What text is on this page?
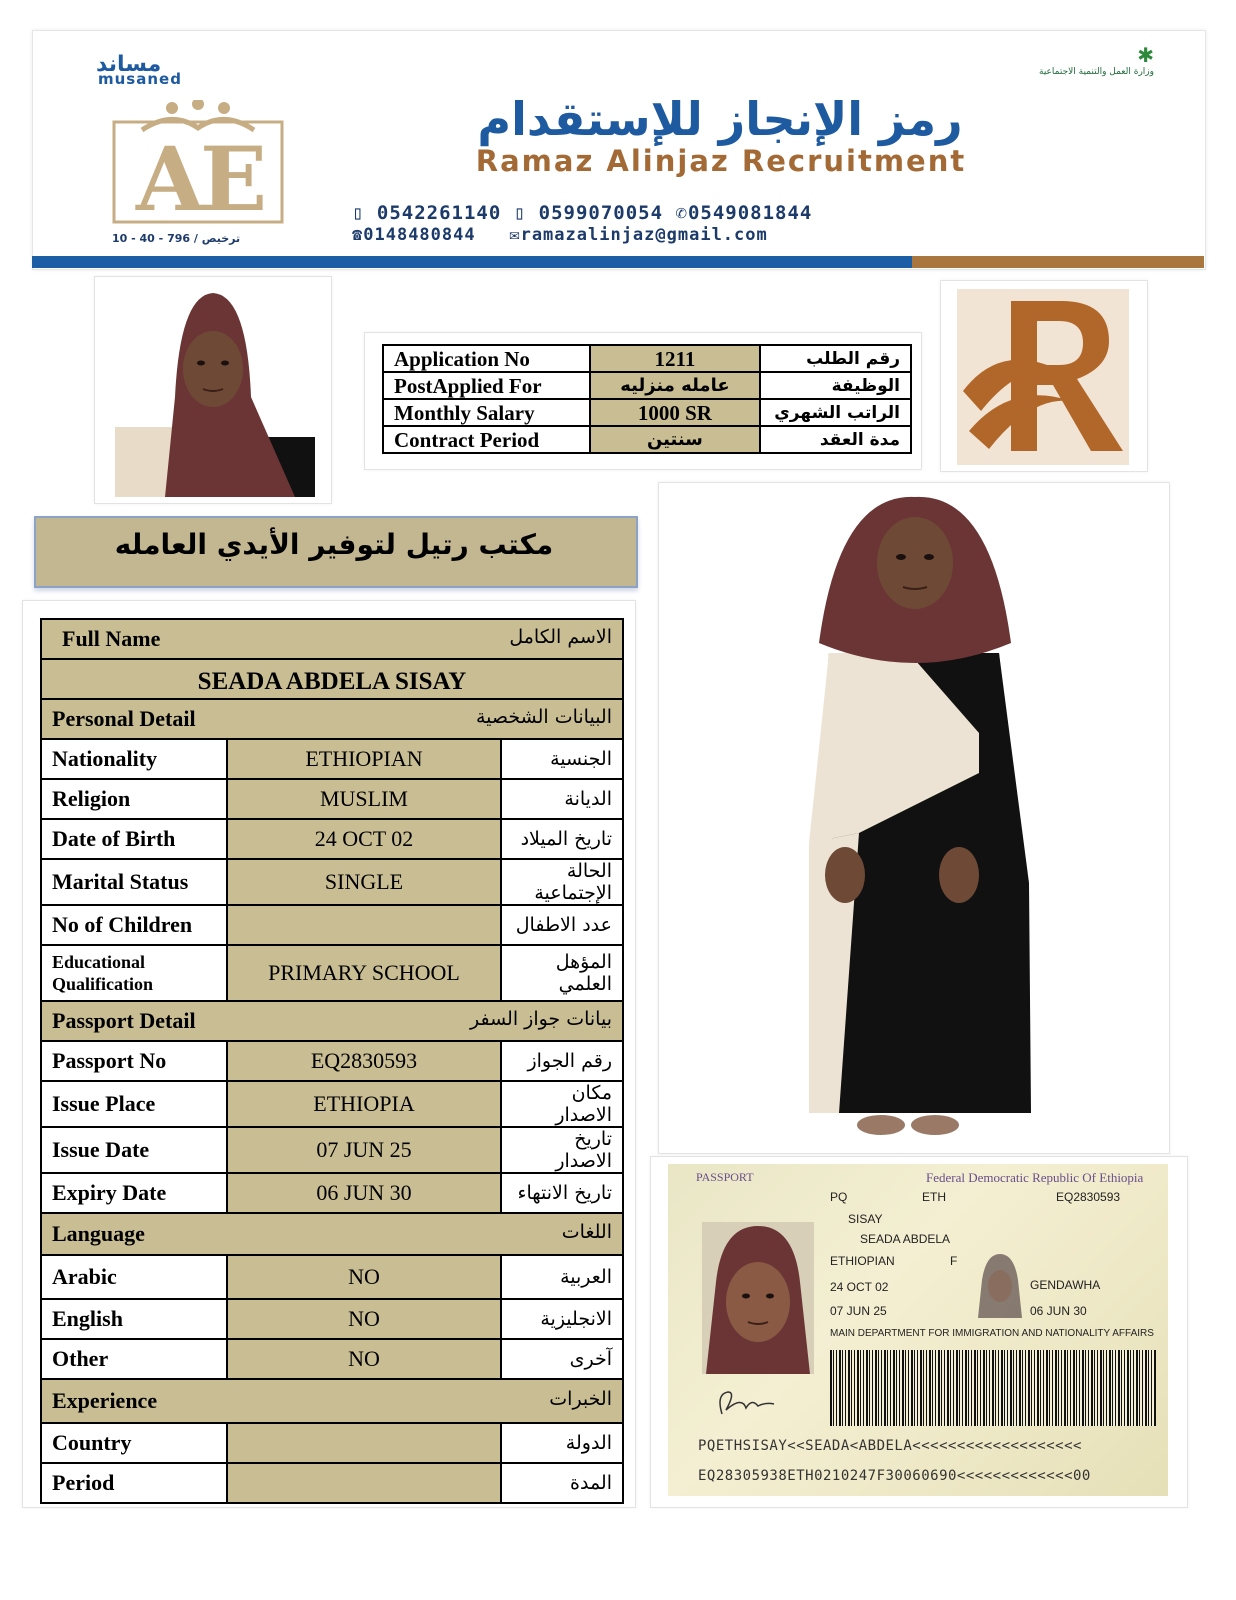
مساند
musaned
✱
وزارة العمل والتنمية الاجتماعية
A
E
10 - 40 - 796 / ترخيص
رمز الإنجاز للإستقدام
Ramaz Alinjaz Recruitment
▯ 0542261140 ▯ 0599070054 ✆0549081844
☎0148480844 ✉ramazalinjaz@gmail.com
Application No	1211	رقم الطلب
PostApplied For	عامله منزليه	الوظيفة
Monthly Salary	1000 SR	الراتب الشهري
Contract Period	سنتين	مدة العقد
مكتب رتيل لتوفير الأيدي العامله
Full Name الاسم الكامل		

SEADA ABDELA SISAY		
Personal Detail البيانات الشخصية		

Nationality	ETHIOPIAN	الجنسية
Religion	MUSLIM	الديانة
Date of Birth	24 OCT 02	تاريخ الميلاد
Marital Status	SINGLE	الحالة الإجتماعية
No of Children		عدد الاطفال
Educational Qualification	PRIMARY SCHOOL	المؤهل العلمي
Passport Detail بيانات جواز السفر		

Passport No	EQ2830593	رقم الجواز
Issue Place	ETHIOPIA	مكان الاصدار
Issue Date	07 JUN 25	تاريخ الاصدار
Expiry Date	06 JUN 30	تاريخ الانتهاء
Language اللغات		

Arabic	NO	العربية
English	NO	الانجليزية
Other	NO	آخرى
Experience الخبرات		

Country		الدولة
Period		المدة
PASSPORT	Federal Democratic Republic Of Ethiopia
PQ	ETH	EQ2830593
SISAY
SEADA ABDELA
ETHIOPIAN	F
24 OCT 02	GENDAWHA
07 JUN 25	06 JUN 30
MAIN DEPARTMENT FOR IMMIGRATION AND NATIONALITY AFFAIRS
PQETHSISAY<<SEADA<ABDELA<<<<<<<<<<<<<<<<<<<
EQ28305938ETH0210247F30060690<<<<<<<<<<<<<00
